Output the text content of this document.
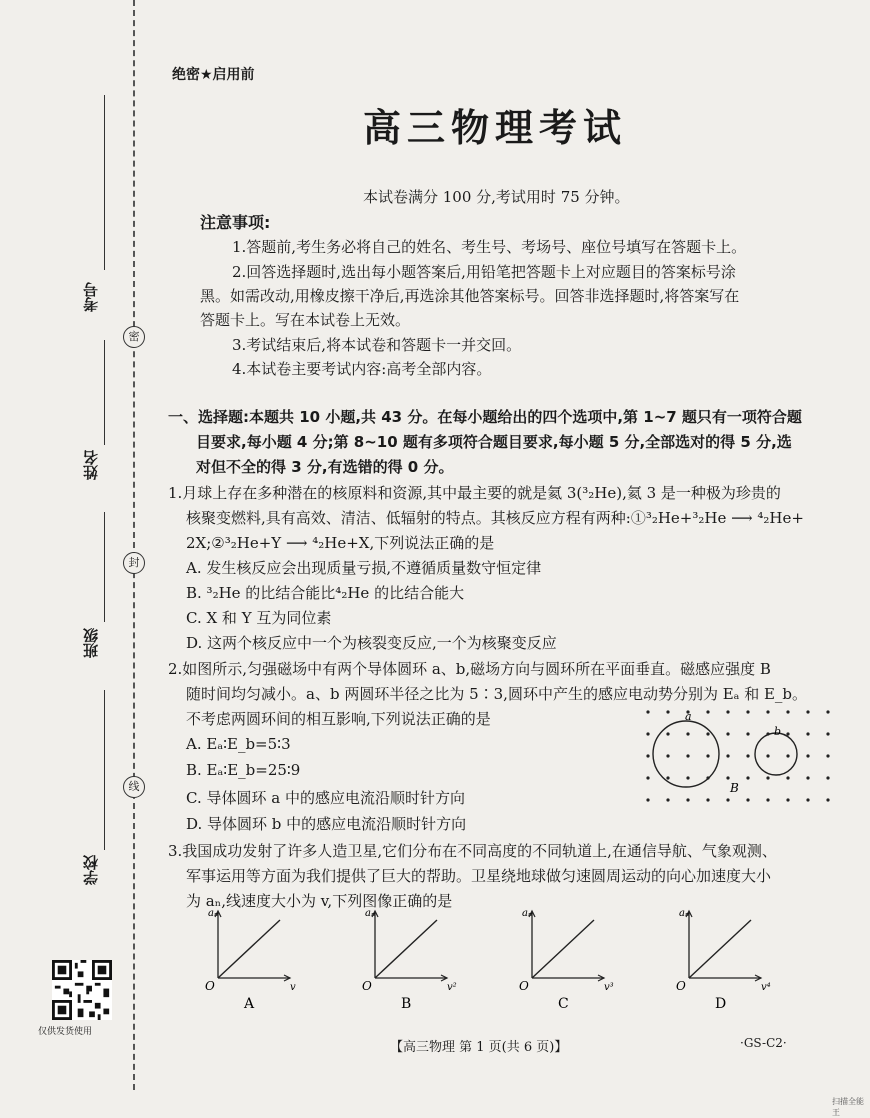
考号
姓名
班级
学校
密
封
线
仅供发货使用
绝密★启用前
高三物理考试
本试卷满分 100 分,考试用时 75 分钟。
注意事项:
1.答题前,考生务必将自己的姓名、考生号、考场号、座位号填写在答题卡上。
2.回答选择题时,选出每小题答案后,用铅笔把答题卡上对应题目的答案标号涂
黑。如需改动,用橡皮擦干净后,再选涂其他答案标号。回答非选择题时,将答案写在
答题卡上。写在本试卷上无效。
3.考试结束后,将本试卷和答题卡一并交回。
4.本试卷主要考试内容:高考全部内容。
一、选择题:本题共 10 小题,共 43 分。在每小题给出的四个选项中,第 1~7 题只有一项符合题
目要求,每小题 4 分;第 8~10 题有多项符合题目要求,每小题 5 分,全部选对的得 5 分,选
对但不全的得 3 分,有选错的得 0 分。
1.月球上存在多种潜在的核原料和资源,其中最主要的就是氦 3(³₂He),氦 3 是一种极为珍贵的
核聚变燃料,具有高效、清洁、低辐射的特点。其核反应方程有两种:①³₂He+³₂He ⟶ ⁴₂He+
2X;②³₂He+Y ⟶ ⁴₂He+X,下列说法正确的是
A. 发生核反应会出现质量亏损,不遵循质量数守恒定律
B. ³₂He 的比结合能比⁴₂He 的比结合能大
C. X 和 Y 互为同位素
D. 这两个核反应中一个为核裂变反应,一个为核聚变反应
2.如图所示,匀强磁场中有两个导体圆环 a、b,磁场方向与圆环所在平面垂直。磁感应强度 B
随时间均匀减小。a、b 两圆环半径之比为 5∶3,圆环中产生的感应电动势分别为 Eₐ 和 E_b。
不考虑两圆环间的相互影响,下列说法正确的是
A. Eₐ∶E_b=5∶3
B. Eₐ∶E_b=25∶9
C. 导体圆环 a 中的感应电流沿顺时针方向
D. 导体圆环 b 中的感应电流沿顺时针方向
a
b
B
3.我国成功发射了许多人造卫星,它们分布在不同高度的不同轨道上,在通信导航、气象观测、
军事运用等方面为我们提供了巨大的帮助。卫星绕地球做匀速圆周运动的向心加速度大小
为 aₙ,线速度大小为 v,下列图像正确的是
aₙ
v
O
A
aₙ
v²
O
B
aₙ
v³
O
C
aₙ
v⁴
O
D
【高三物理 第 1 页(共 6 页)】	·GS-C2·
扫描全能王
